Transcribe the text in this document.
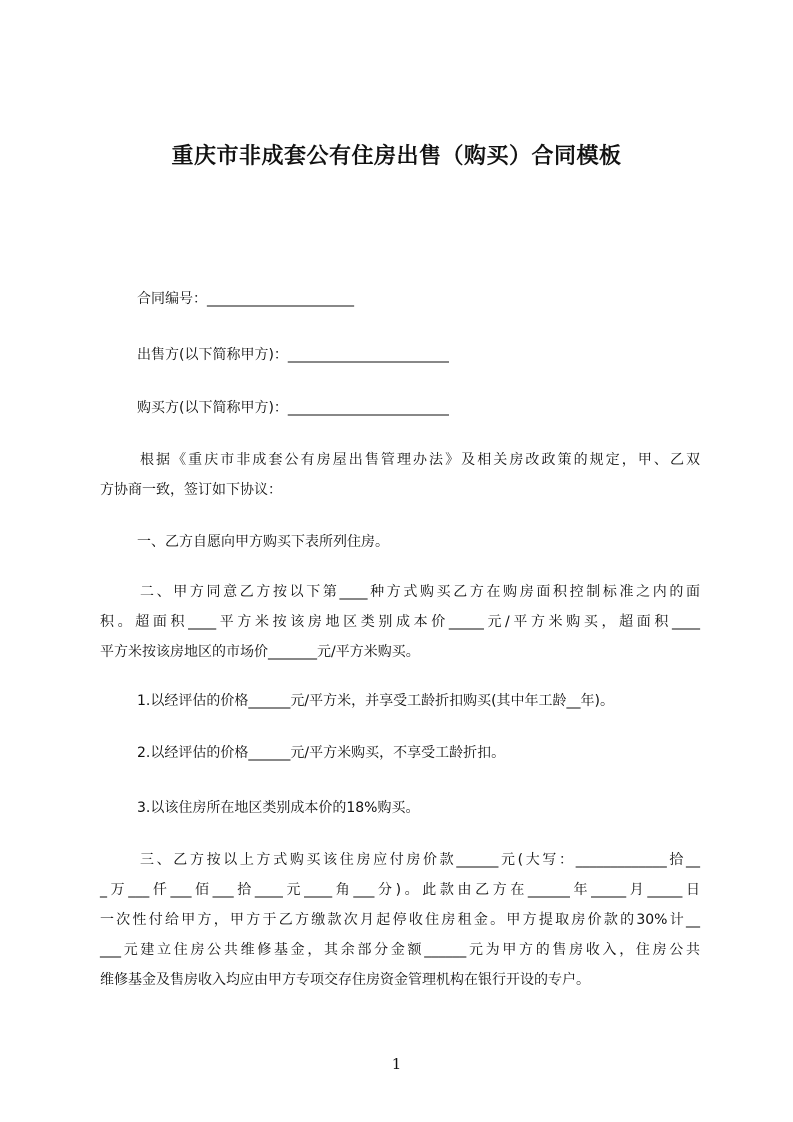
重庆市非成套公有住房出售（购买）合同模板

合同编号：_____________________

出售方(以下简称甲方)：_______________________

购买方(以下简称甲方)：_______________________

根据《重庆市非成套公有房屋出售管理办法》及相关房改政策的规定，甲、乙双
方协商一致，签订如下协议：

一、乙方自愿向甲方购买下表所列住房。

二、甲方同意乙方按以下第____种方式购买乙方在购房面积控制标准之内的面
积。超面积____平方米按该房地区类别成本价_____元/平方米购买，超面积____
平方米按该房地区的市场价_______元/平方米购买。

1.以经评估的价格______元/平方米，并享受工龄折扣购买(其中年工龄__年)。

2.以经评估的价格______元/平方米购买，不享受工龄折扣。

3.以该住房所在地区类别成本价的18%购买。

三、乙方按以上方式购买该住房应付房价款______元(大写：_____________拾__
_万___仟___佰___拾____元____角___分)。此款由乙方在______年_____月_____日
一次性付给甲方，甲方于乙方缴款次月起停收住房租金。甲方提取房价款的30%计__
___元建立住房公共维修基金，其余部分金额______元为甲方的售房收入，住房公共
维修基金及售房收入均应由甲方专项交存住房资金管理机构在银行开设的专户。

1
